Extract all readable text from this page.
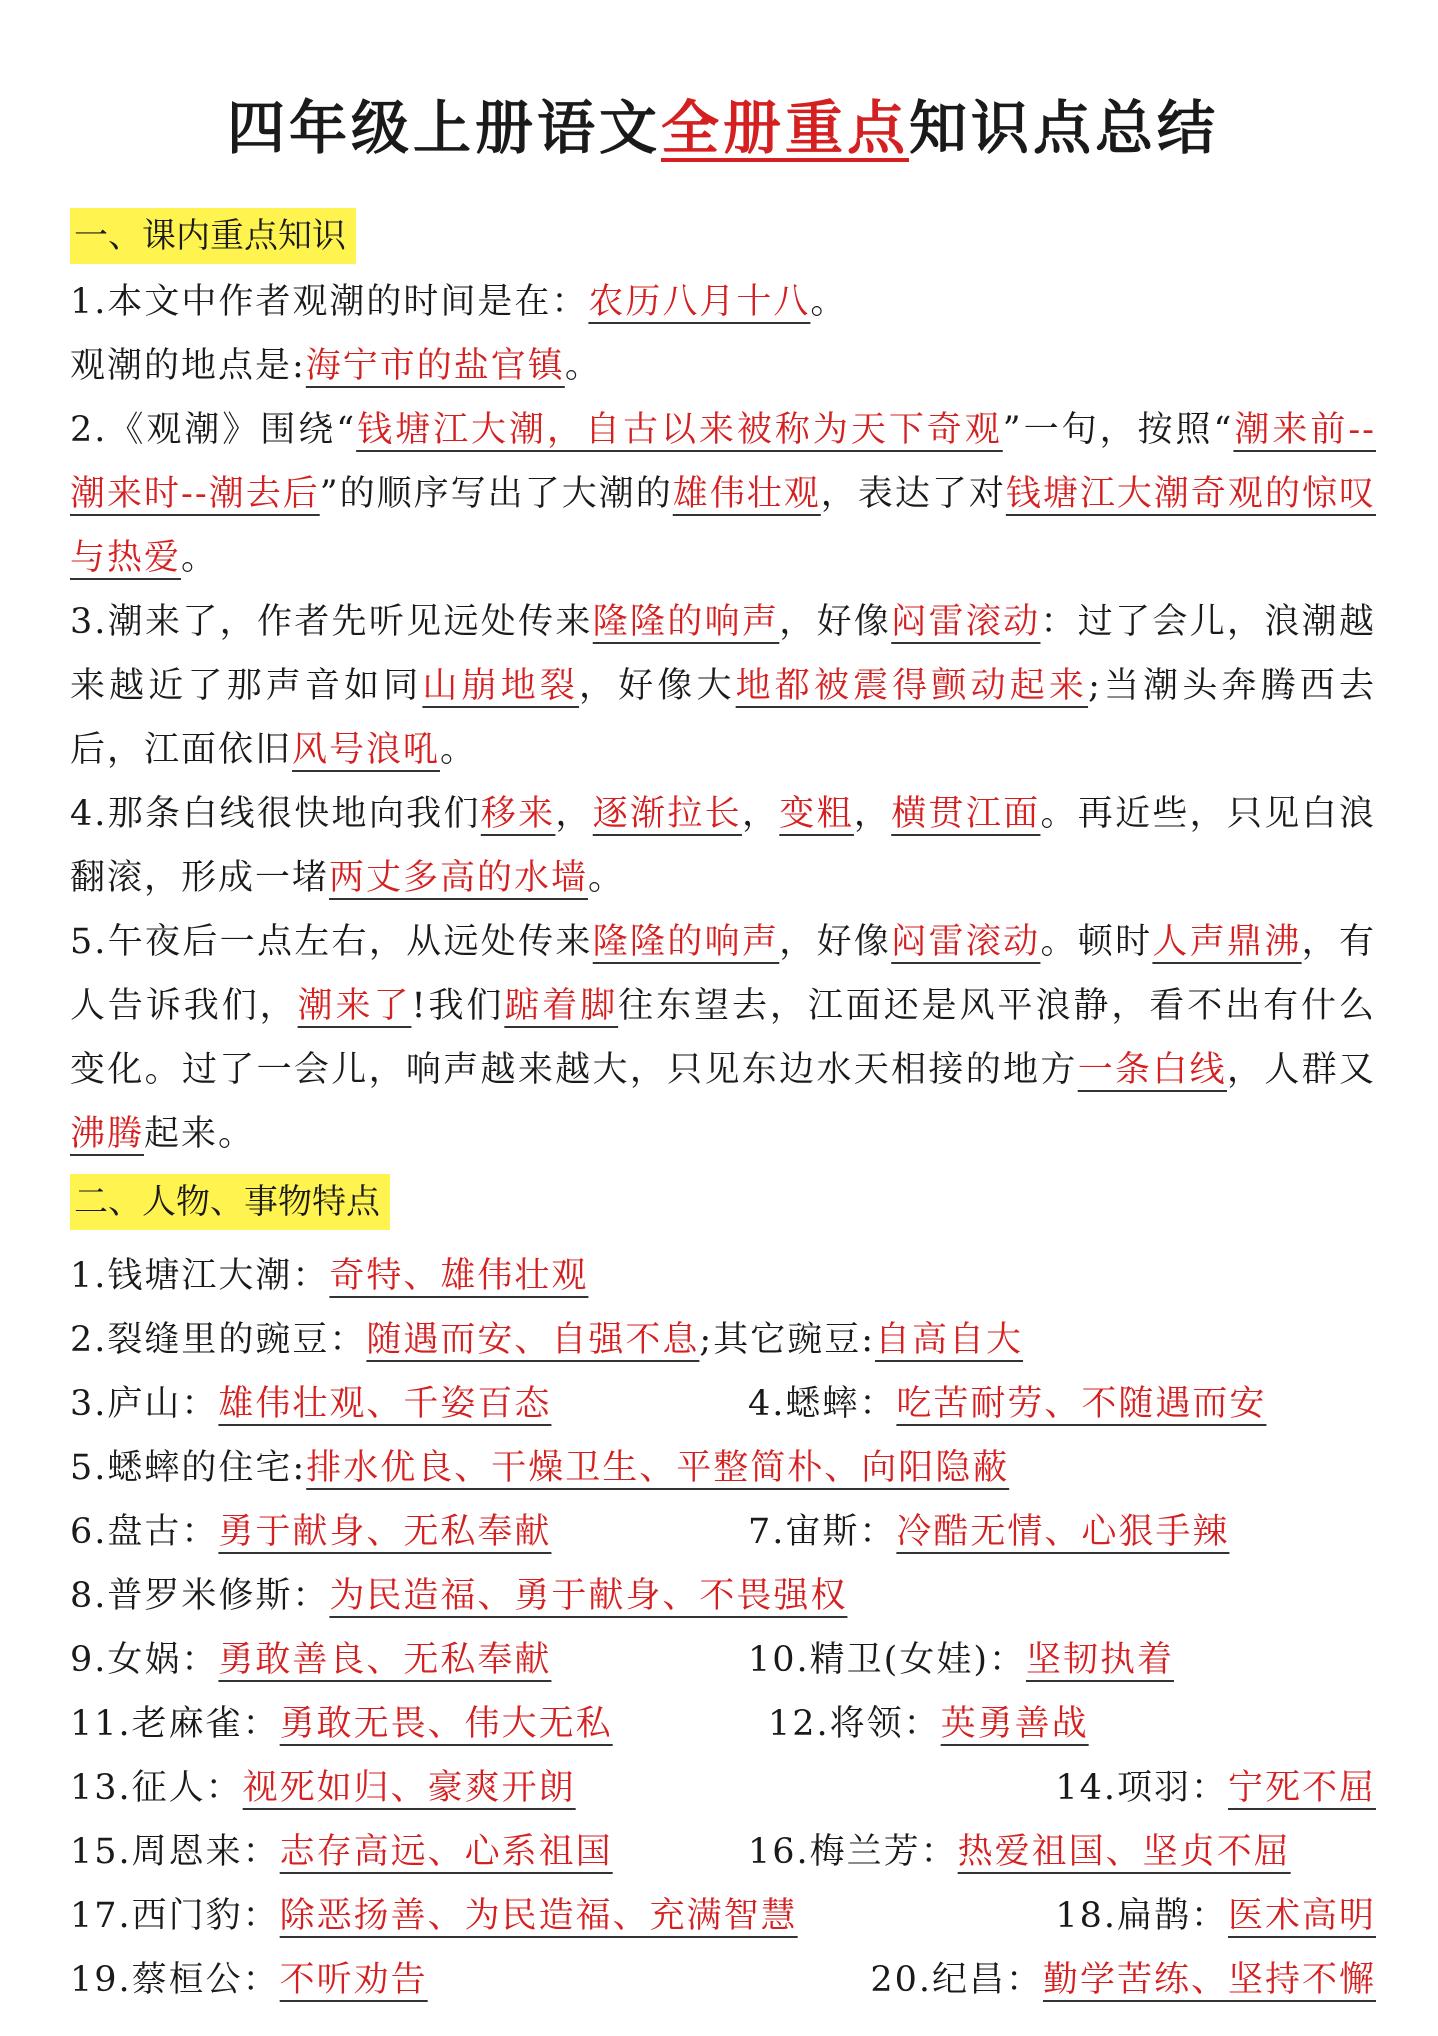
四年级上册语文全册重点知识点总结
一、课内重点知识
1.本文中作者观潮的时间是在：农历八月十八。
观潮的地点是:海宁市的盐官镇。
2.《观潮》围绕“钱塘江大潮，自古以来被称为天下奇观”一句，按照“潮来前--潮来时--潮去后”的顺序写出了大潮的雄伟壮观，表达了对钱塘江大潮奇观的惊叹与热爱。
3.潮来了，作者先听见远处传来隆隆的响声，好像闷雷滚动：过了会儿，浪潮越来越近了那声音如同山崩地裂，好像大地都被震得颤动起来;当潮头奔腾西去后，江面依旧风号浪吼。
4.那条白线很快地向我们移来，逐渐拉长，变粗，横贯江面。再近些，只见白浪翻滚，形成一堵两丈多高的水墙。
5.午夜后一点左右，从远处传来隆隆的响声，好像闷雷滚动。顿时人声鼎沸，有人告诉我们，潮来了!我们踮着脚往东望去，江面还是风平浪静，看不出有什么变化。过了一会儿，响声越来越大，只见东边水天相接的地方一条白线，人群又沸腾起来。
二、人物、事物特点
1.钱塘江大潮：奇特、雄伟壮观
2.裂缝里的豌豆：随遇而安、自强不息;其它豌豆:自高自大
3.庐山：雄伟壮观、千姿百态	4.蟋蟀：吃苦耐劳、不随遇而安
5.蟋蟀的住宅:排水优良、干燥卫生、平整简朴、向阳隐蔽
6.盘古：勇于献身、无私奉献	7.宙斯：冷酷无情、心狠手辣
8.普罗米修斯：为民造福、勇于献身、不畏强权
9.女娲：勇敢善良、无私奉献	10.精卫(女娃)：坚韧执着
11.老麻雀：勇敢无畏、伟大无私	12.将领：英勇善战
13.征人：视死如归、豪爽开朗	14.项羽：宁死不屈
15.周恩来：志存高远、心系祖国	16.梅兰芳：热爱祖国、坚贞不屈
17.西门豹：除恶扬善、为民造福、充满智慧	18.扁鹊：医术高明
19.蔡桓公：不听劝告	20.纪昌：勤学苦练、坚持不懈
